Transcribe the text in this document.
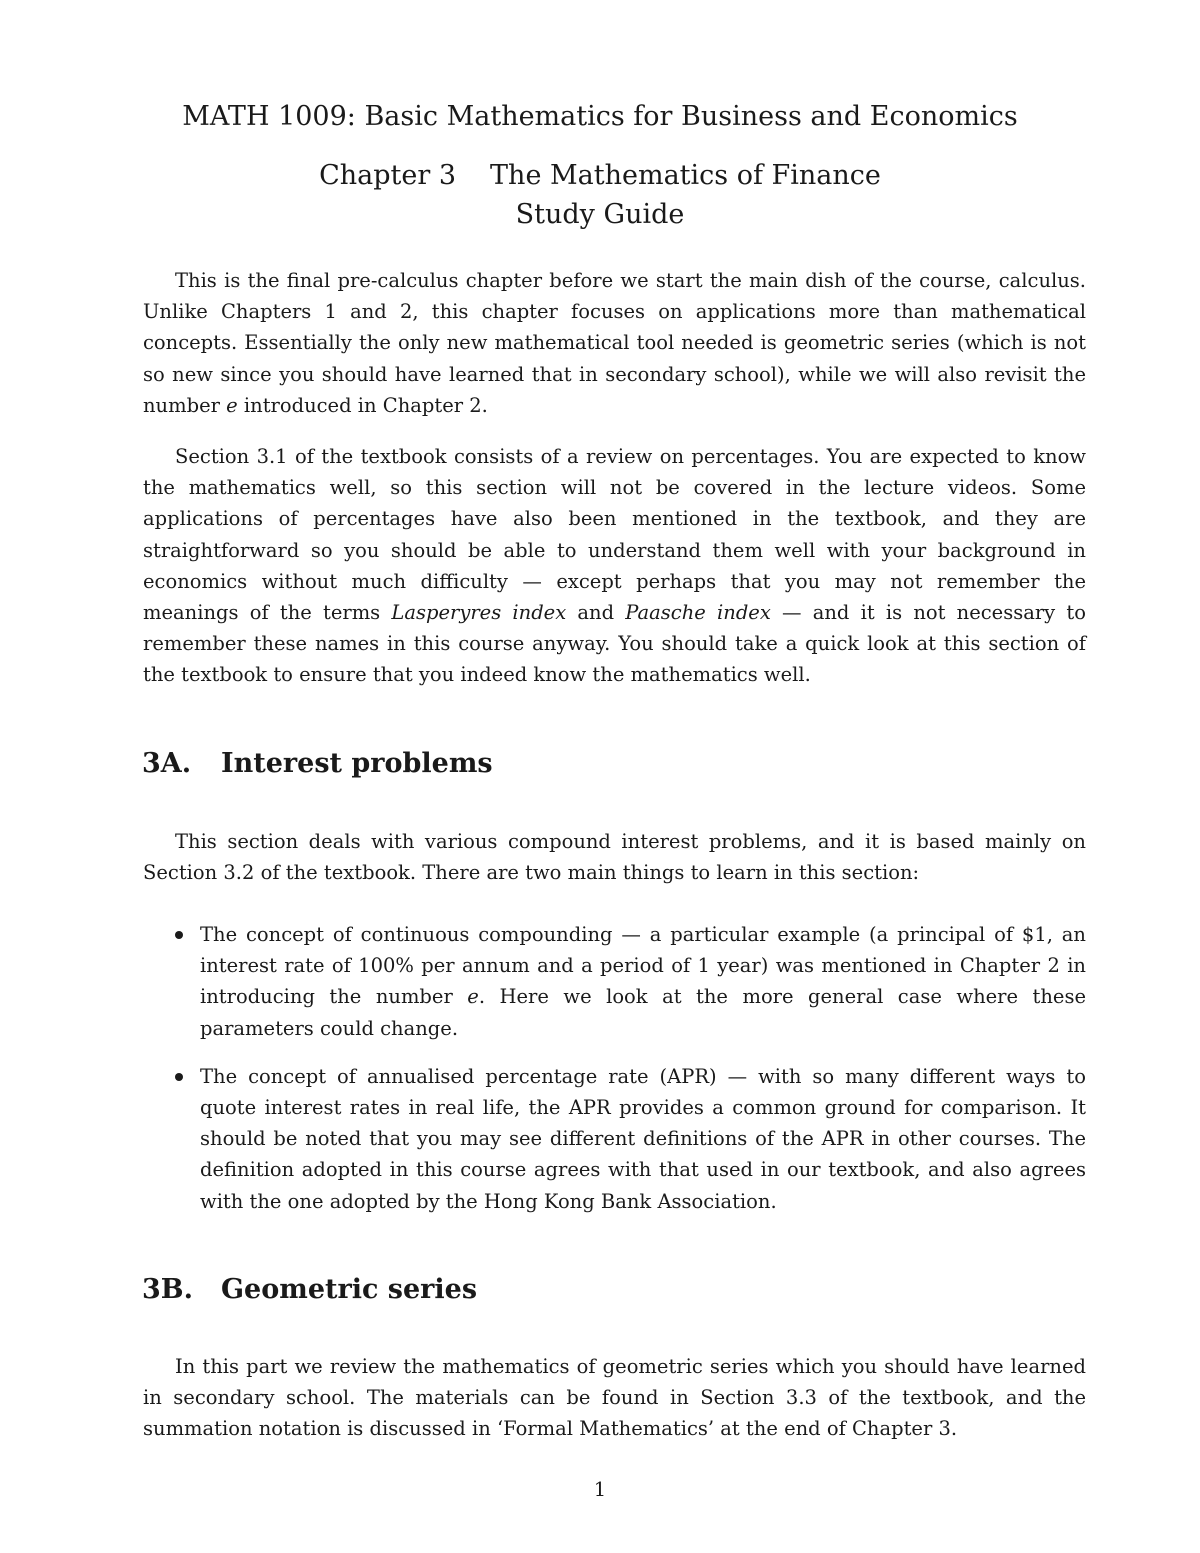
MATH 1009: Basic Mathematics for Business and Economics
Chapter 3 The Mathematics of Finance
Study Guide

This is the final pre-calculus chapter before we start the main dish of the course, calculus. Unlike Chapters 1 and 2, this chapter focuses on applications more than mathematical concepts. Essentially the only new mathematical tool needed is geometric series (which is not so new since you should have learned that in secondary school), while we will also revisit the number e introduced in Chapter 2.

Section 3.1 of the textbook consists of a review on percentages. You are expected to know the mathematics well, so this section will not be covered in the lecture videos. Some applications of percentages have also been mentioned in the textbook, and they are straightforward so you should be able to understand them well with your background in economics without much difficulty — except perhaps that you may not remember the meanings of the terms Lasperyres index and Paasche index — and it is not necessary to remember these names in this course anyway. You should take a quick look at this section of the textbook to ensure that you indeed know the mathematics well.

3A. Interest problems

This section deals with various compound interest problems, and it is based mainly on Section 3.2 of the textbook. There are two main things to learn in this section:

The concept of continuous compounding — a particular example (a principal of $1, an interest rate of 100% per annum and a period of 1 year) was mentioned in Chapter 2 in introducing the number e. Here we look at the more general case where these parameters could change.
The concept of annualised percentage rate (APR) — with so many different ways to quote interest rates in real life, the APR provides a common ground for comparison. It should be noted that you may see different definitions of the APR in other courses. The definition adopted in this course agrees with that used in our textbook, and also agrees with the one adopted by the Hong Kong Bank Association.
3B. Geometric series

In this part we review the mathematics of geometric series which you should have learned in secondary school. The materials can be found in Section 3.3 of the textbook, and the summation notation is discussed in ‘Formal Mathematics’ at the end of Chapter 3.

1
